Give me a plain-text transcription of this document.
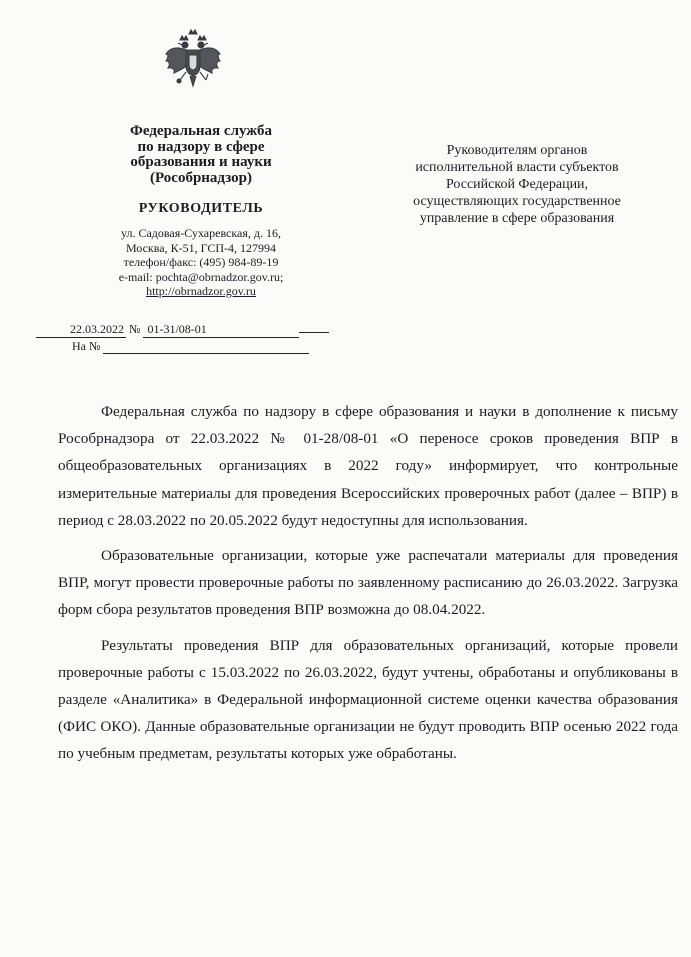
Федеральная служба
по надзору в сфере
образования и науки
(Рособрнадзор)
РУКОВОДИТЕЛЬ
ул. Садовая-Сухаревская, д. 16,
Москва, К-51, ГСП-4, 127994
телефон/факс: (495) 984-89-19
e-mail: pochta@obrnadzor.gov.ru;
http://obrnadzor.gov.ru
22.03.2022 № 01-31/08-01
На №
Руководителям органов
исполнительной власти субъектов
Российской Федерации,
осуществляющих государственное
управление в сфере образования

Федеральная служба по надзору в сфере образования и науки в дополнение к письму Рособрнадзора от 22.03.2022 № 01-28/08-01 «О переносе сроков проведения ВПР в общеобразовательных организациях в 2022 году» информирует, что контрольные измерительные материалы для проведения Всероссийских проверочных работ (далее – ВПР) в период с 28.03.2022 по 20.05.2022 будут недоступны для использования.

Образовательные организации, которые уже распечатали материалы для проведения ВПР, могут провести проверочные работы по заявленному расписанию до 26.03.2022. Загрузка форм сбора результатов проведения ВПР возможна до 08.04.2022.

Результаты проведения ВПР для образовательных организаций, которые провели проверочные работы с 15.03.2022 по 26.03.2022, будут учтены, обработаны и опубликованы в разделе «Аналитика» в Федеральной информационной системе оценки качества образования (ФИС ОКО). Данные образовательные организации не будут проводить ВПР осенью 2022 года по учебным предметам, результаты которых уже обработаны.
